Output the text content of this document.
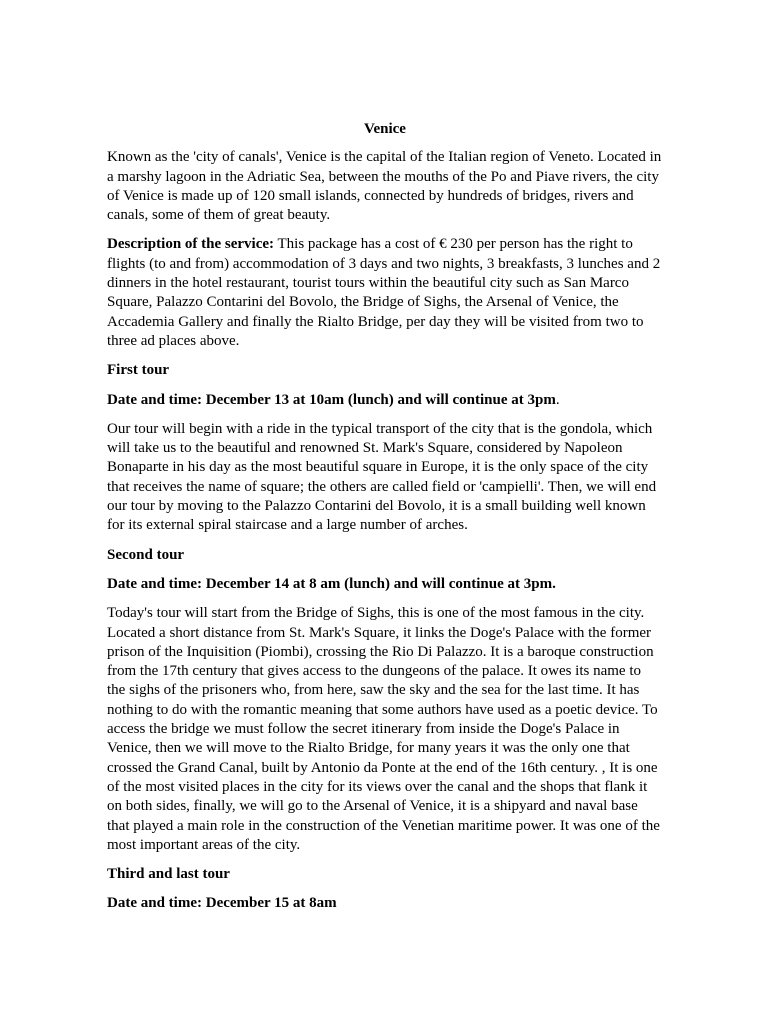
Venice

Known as the 'city of canals', Venice is the capital of the Italian region of Veneto. Located in a marshy lagoon in the Adriatic Sea, between the mouths of the Po and Piave rivers, the city of Venice is made up of 120 small islands, connected by hundreds of bridges, rivers and canals, some of them of great beauty.

Description of the service: This package has a cost of € 230 per person has the right to flights (to and from) accommodation of 3 days and two nights, 3 breakfasts, 3 lunches and 2 dinners in the hotel restaurant, tourist tours within the beautiful city such as San Marco Square, Palazzo Contarini del Bovolo, the Bridge of Sighs, the Arsenal of Venice, the Accademia Gallery and finally the Rialto Bridge, per day they will be visited from two to three ad places above.

First tour

Date and time: December 13 at 10am (lunch) and will continue at 3pm.

Our tour will begin with a ride in the typical transport of the city that is the gondola, which will take us to the beautiful and renowned St. Mark's Square, considered by Napoleon Bonaparte in his day as the most beautiful square in Europe, it is the only space of the city that receives the name of square; the others are called field or 'campielli'. Then, we will end our tour by moving to the Palazzo Contarini del Bovolo, it is a small building well known for its external spiral staircase and a large number of arches.

Second tour

Date and time: December 14 at 8 am (lunch) and will continue at 3pm.

Today's tour will start from the Bridge of Sighs, this is one of the most famous in the city. Located a short distance from St. Mark's Square, it links the Doge's Palace with the former prison of the Inquisition (Piombi), crossing the Rio Di Palazzo. It is a baroque construction from the 17th century that gives access to the dungeons of the palace. It owes its name to the sighs of the prisoners who, from here, saw the sky and the sea for the last time. It has nothing to do with the romantic meaning that some authors have used as a poetic device. To access the bridge we must follow the secret itinerary from inside the Doge's Palace in Venice, then we will move to the Rialto Bridge, for many years it was the only one that crossed the Grand Canal, built by Antonio da Ponte at the end of the 16th century. , It is one of the most visited places in the city for its views over the canal and the shops that flank it on both sides, finally, we will go to the Arsenal of Venice, it is a shipyard and naval base that played a main role in the construction of the Venetian maritime power. It was one of the most important areas of the city.

Third and last tour

Date and time: December 15 at 8am
